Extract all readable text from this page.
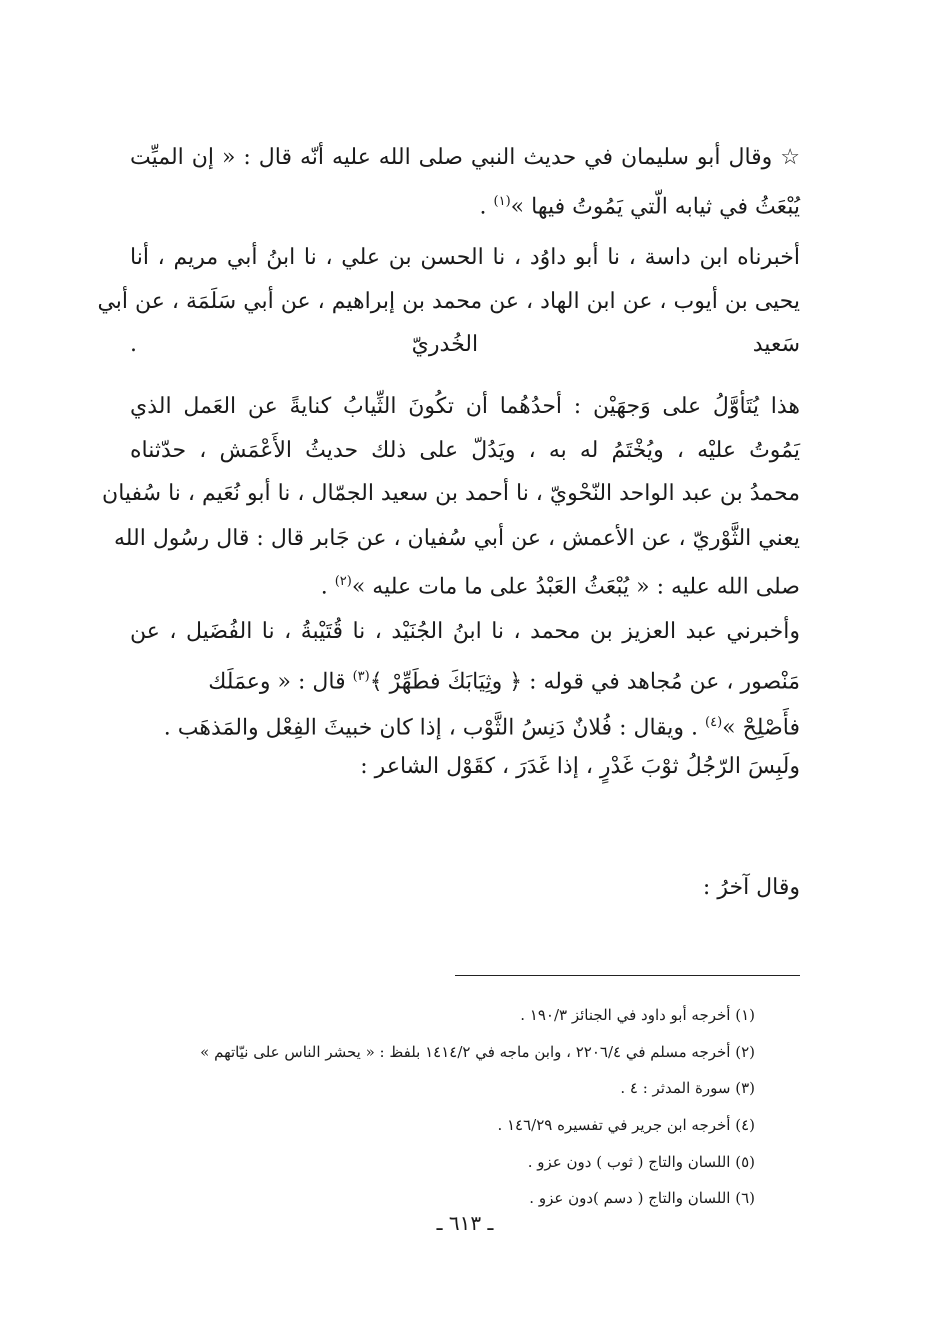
☆ وقال أبو سليمان في حديث النبي صلى الله عليه أنّه قال : « إن الميِّت

يُبْعَثُ في ثيابه الّتي يَمُوتُ فيها »$^{(١)}$ .

أخبرناه ابن داسة ، نا أبو داوُد ، نا الحسن بن علي ، نا ابنُ أبي مريم ، أنا

يحيى بن أيوب ، عن ابن الهاد ، عن محمد بن إبراهيم ، عن أبي سَلَمَة ، عن أبي

سَعيد الخُدريّ .

هذا يُتَأوَّلُ على وَجهَيْن : أحدُهُما أن تكُونَ الثِّيابُ كنايةً عن العَمل الذي

يَمُوتُ عليْه ، ويُخْتَمُ له به ، ويَدُلّ على ذلك حديثُ الأَعْمَش ، حدّثناه

محمدُ بن عبد الواحد النّحْويّ ، نا أحمد بن سعيد الجمّال ، نا أبو نُعَيم ، نا سُفيان

يعني الثَّوْريّ ، عن الأعمش ، عن أبي سُفيان ، عن جَابر قال : قال رسُول الله

صلى الله عليه : « يُبْعَثُ العَبْدُ على ما مات عليه »$^{(٢)}$ .

وأخبرني عبد العزيز بن محمد ، نا ابنُ الجُنَيْد ، نا قُتَيْبةُ ، نا الفُضَيل ، عن

مَنْصور ، عن مُجاهد في قوله : ﴿ وثِيَابَكَ فطَهِّرْ ﴾$^{(٣)}$ قال : « وعمَلَك

فأَصْلِحْ »$^{(٤)}$ . ويقال : فُلانٌ دَنِسُ الثَّوْب ، إذا كان خبيثَ الفِعْل والمَذهَب .

ولَبِسَ الرّجُلُ ثوْبَ غَدْرٍ ، إذا غَدَرَ ، كقَوْل الشاعر :

وقال آخرُ :

(١) أخرجه أبو داود في الجنائز ١٩٠/٣ .
(٢) أخرجه مسلم في ٢٢٠٦/٤ ، وابن ماجه في ١٤١٤/٢ بلفظ : « يحشر الناس على نيّاتهم »
(٣) سورة المدثر : ٤ .
(٤) أخرجه ابن جرير في تفسيره ١٤٦/٢٩ .
(٥) اللسان والتاج ( ثوب ) دون عزو .
(٦) اللسان والتاج ( دسم )دون عزو .
ـ ٦١٣ ـ
